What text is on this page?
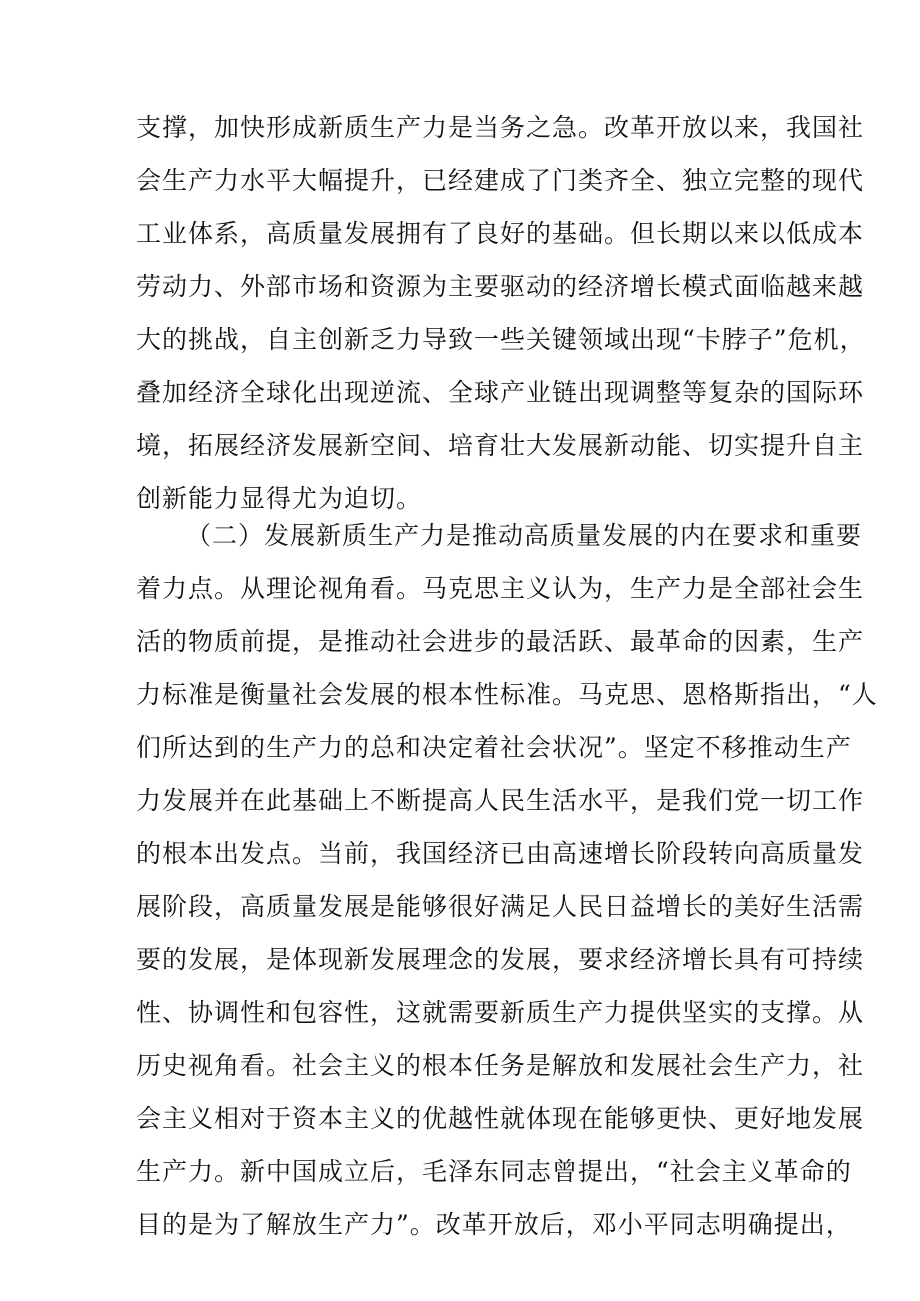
支撑，加快形成新质生产力是当务之急。改革开放以来，我国社
会生产力水平大幅提升，已经建成了门类齐全、独立完整的现代
工业体系，高质量发展拥有了良好的基础。但长期以来以低成本
劳动力、外部市场和资源为主要驱动的经济增长模式面临越来越
大的挑战，自主创新乏力导致一些关键领域出现“卡脖子”危机，
叠加经济全球化出现逆流、全球产业链出现调整等复杂的国际环
境，拓展经济发展新空间、培育壮大发展新动能、切实提升自主
创新能力显得尤为迫切。
（二）发展新质生产力是推动高质量发展的内在要求和重要
着力点。从理论视角看。马克思主义认为，生产力是全部社会生
活的物质前提，是推动社会进步的最活跃、最革命的因素，生产
力标准是衡量社会发展的根本性标准。马克思、恩格斯指出，“人
们所达到的生产力的总和决定着社会状况”。坚定不移推动生产
力发展并在此基础上不断提高人民生活水平，是我们党一切工作
的根本出发点。当前，我国经济已由高速增长阶段转向高质量发
展阶段，高质量发展是能够很好满足人民日益增长的美好生活需
要的发展，是体现新发展理念的发展，要求经济增长具有可持续
性、协调性和包容性，这就需要新质生产力提供坚实的支撑。从
历史视角看。社会主义的根本任务是解放和发展社会生产力，社
会主义相对于资本主义的优越性就体现在能够更快、更好地发展
生产力。新中国成立后，毛泽东同志曾提出，“社会主义革命的
目的是为了解放生产力”。改革开放后，邓小平同志明确提出，
